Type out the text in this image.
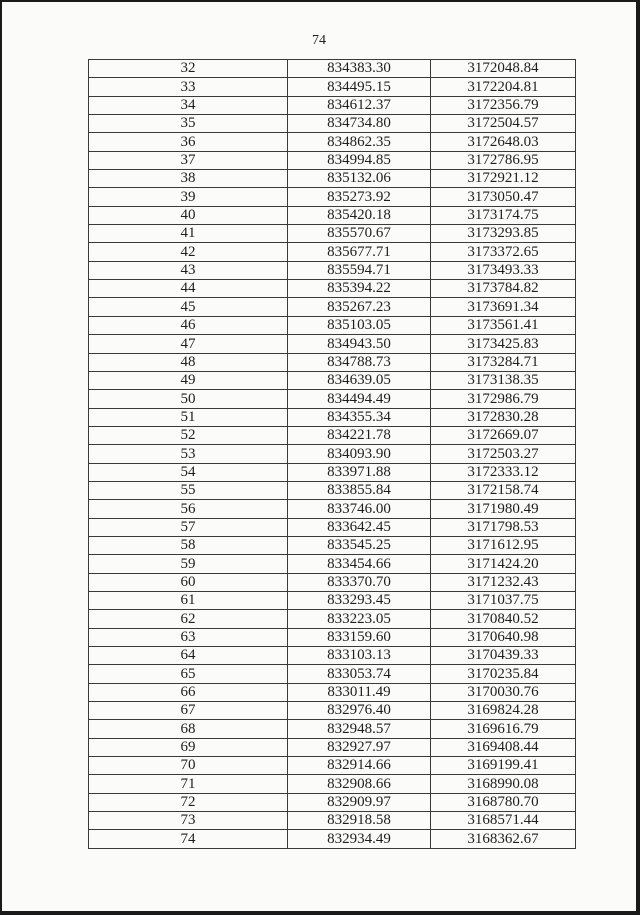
74
32	834383.30	3172048.84
33	834495.15	3172204.81
34	834612.37	3172356.79
35	834734.80	3172504.57
36	834862.35	3172648.03
37	834994.85	3172786.95
38	835132.06	3172921.12
39	835273.92	3173050.47
40	835420.18	3173174.75
41	835570.67	3173293.85
42	835677.71	3173372.65
43	835594.71	3173493.33
44	835394.22	3173784.82
45	835267.23	3173691.34
46	835103.05	3173561.41
47	834943.50	3173425.83
48	834788.73	3173284.71
49	834639.05	3173138.35
50	834494.49	3172986.79
51	834355.34	3172830.28
52	834221.78	3172669.07
53	834093.90	3172503.27
54	833971.88	3172333.12
55	833855.84	3172158.74
56	833746.00	3171980.49
57	833642.45	3171798.53
58	833545.25	3171612.95
59	833454.66	3171424.20
60	833370.70	3171232.43
61	833293.45	3171037.75
62	833223.05	3170840.52
63	833159.60	3170640.98
64	833103.13	3170439.33
65	833053.74	3170235.84
66	833011.49	3170030.76
67	832976.40	3169824.28
68	832948.57	3169616.79
69	832927.97	3169408.44
70	832914.66	3169199.41
71	832908.66	3168990.08
72	832909.97	3168780.70
73	832918.58	3168571.44
74	832934.49	3168362.67
